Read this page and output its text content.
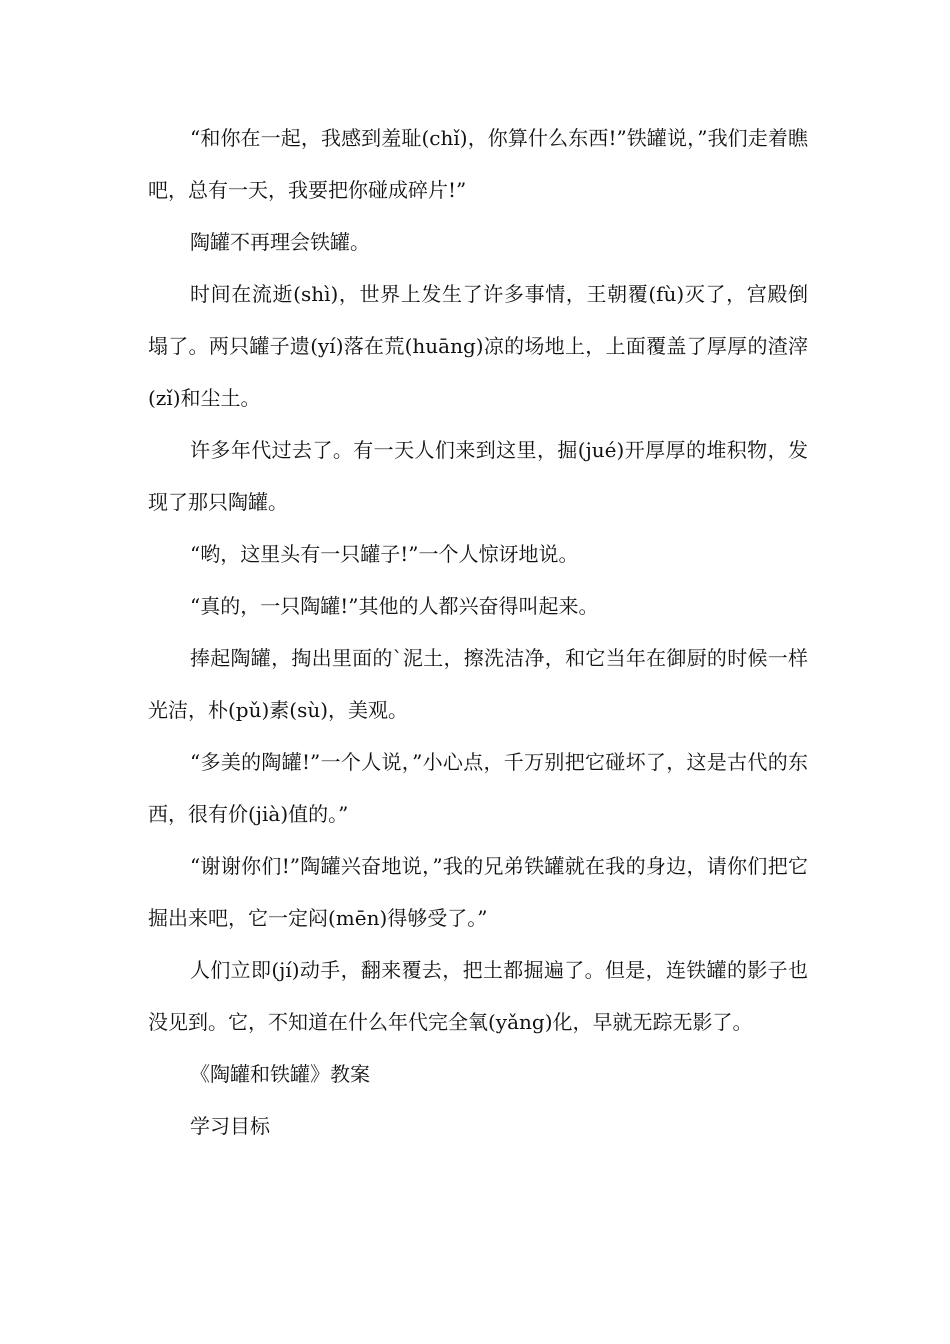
“和你在一起，我感到羞耻(chǐ)，你算什么东西!”铁罐说，”我们走着瞧吧，总有一天，我要把你碰成碎片!”

陶罐不再理会铁罐。

时间在流逝(shì)，世界上发生了许多事情，王朝覆(fù)灭了，宫殿倒塌了。两只罐子遗(yí)落在荒(huāng)凉的场地上，上面覆盖了厚厚的渣滓(zǐ)和尘土。

许多年代过去了。有一天人们来到这里，掘(jué)开厚厚的堆积物，发现了那只陶罐。

“哟，这里头有一只罐子!”一个人惊讶地说。

“真的，一只陶罐!”其他的人都兴奋得叫起来。

捧起陶罐，掏出里面的`泥土，擦洗洁净，和它当年在御厨的时候一样光洁，朴(pǔ)素(sù)，美观。

“多美的陶罐!”一个人说，”小心点，千万别把它碰坏了，这是古代的东西，很有价(jià)值的。”

“谢谢你们!”陶罐兴奋地说，”我的兄弟铁罐就在我的身边，请你们把它掘出来吧，它一定闷(mēn)得够受了。”

人们立即(jí)动手，翻来覆去，把土都掘遍了。但是，连铁罐的影子也没见到。它，不知道在什么年代完全氧(yǎng)化，早就无踪无影了。

《陶罐和铁罐》教案

学习目标
